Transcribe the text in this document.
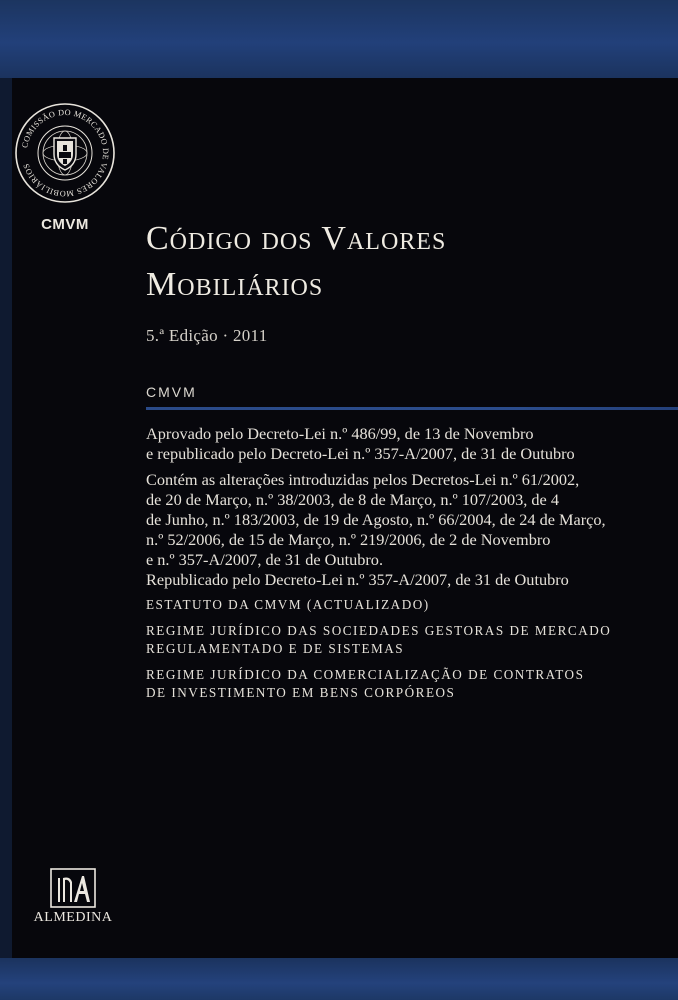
COMISSÃO DO MERCADO DE VALORES MOBILIÁRIOS
CMVM	Código dos Valores
Mobiliários
5.ª Edição · 2011
CMVM
Aprovado pelo Decreto-Lei n.º 486/99, de 13 de Novembro
e republicado pelo Decreto-Lei n.º 357-A/2007, de 31 de Outubro
Contém as alterações introduzidas pelos Decretos-Lei n.º 61/2002,
de 20 de Março, n.º 38/2003, de 8 de Março, n.º 107/2003, de 4
de Junho, n.º 183/2003, de 19 de Agosto, n.º 66/2004, de 24 de Março,
n.º 52/2006, de 15 de Março, n.º 219/2006, de 2 de Novembro
e n.º 357-A/2007, de 31 de Outubro.
Republicado pelo Decreto-Lei n.º 357-A/2007, de 31 de Outubro
ESTATUTO DA CMVM (ACTUALIZADO)
REGIME JURÍDICO DAS SOCIEDADES GESTORAS DE MERCADO
REGULAMENTADO E DE SISTEMAS
REGIME JURÍDICO DA COMERCIALIZAÇÃO DE CONTRATOS
DE INVESTIMENTO EM BENS CORPÓREOS
ALMEDINA
